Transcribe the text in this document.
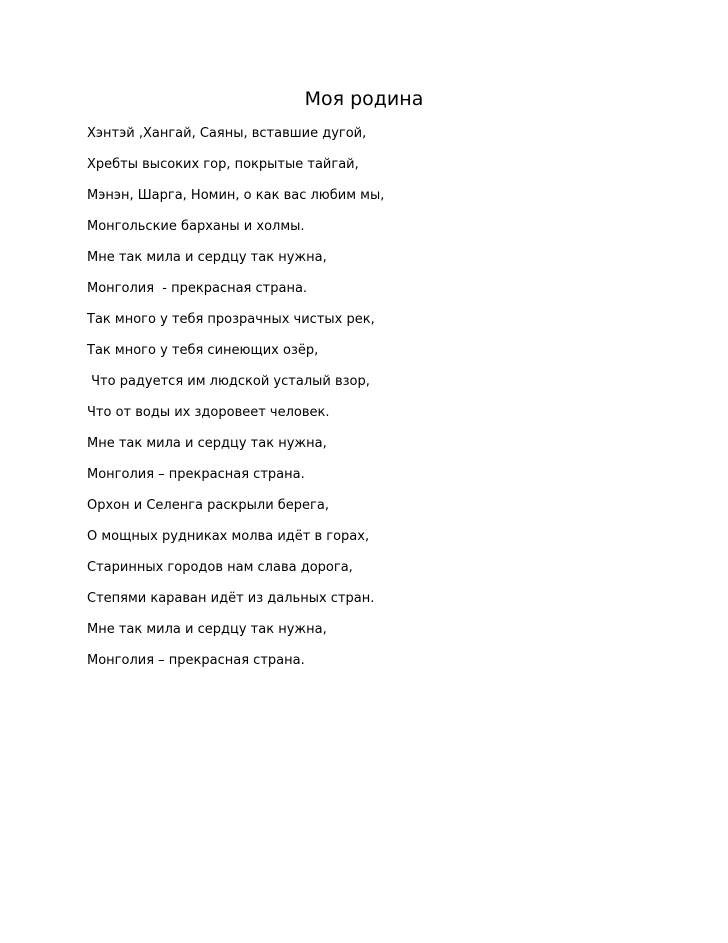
Моя родина
Хэнтэй ,Хангай, Саяны, вставшие дугой,
Хребты высоких гор, покрытые тайгай,
Мэнэн, Шарга, Номин, о как вас любим мы,
Монгольские барханы и холмы.
Мне так мила и сердцу так нужна,
Монголия  - прекрасная страна.
Так много у тебя прозрачных чистых рек,
Так много у тебя синеющих озёр,
Что радуется им людской усталый взор,
Что от воды их здоровеет человек.
Мне так мила и сердцу так нужна,
Монголия – прекрасная страна.
Орхон и Селенга раскрыли берега,
О мощных рудниках молва идёт в горах,
Старинных городов нам слава дорога,
Степями караван идёт из дальных стран.
Мне так мила и сердцу так нужна,
Монголия – прекрасная страна.
